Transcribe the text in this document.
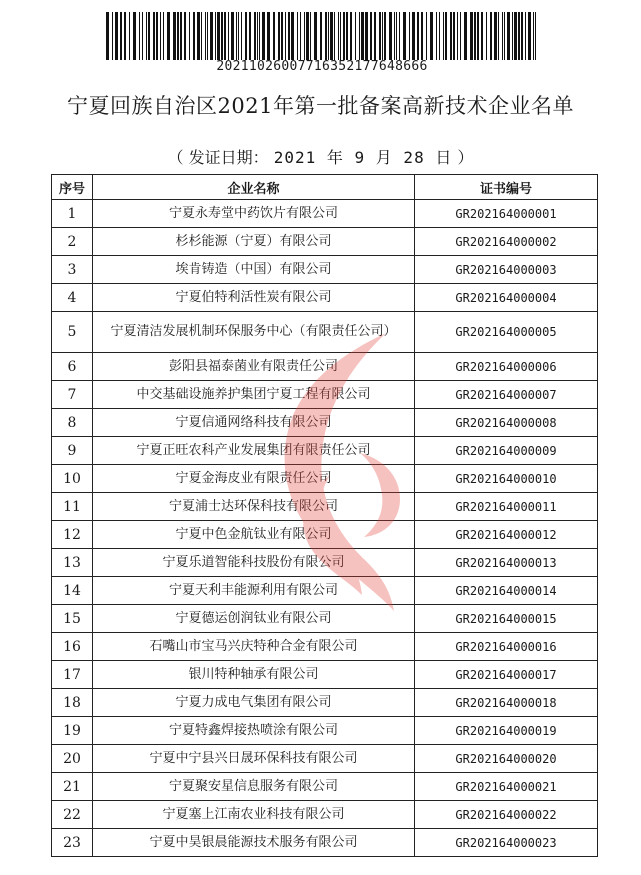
20211026007716352177648666
宁夏回族自治区2021年第一批备案高新技术企业名单
（ 发证日期： 2021 年 9 月 28 日 ）
序号	企业名称	证书编号
1	宁夏永寿堂中药饮片有限公司	GR202164000001
2	杉杉能源（宁夏）有限公司	GR202164000002
3	埃肯铸造（中国）有限公司	GR202164000003
4	宁夏伯特利活性炭有限公司	GR202164000004
5	宁夏清洁发展机制环保服务中心（有限责任公司）	GR202164000005
6	彭阳县福泰菌业有限责任公司	GR202164000006
7	中交基础设施养护集团宁夏工程有限公司	GR202164000007
8	宁夏信通网络科技有限公司	GR202164000008
9	宁夏正旺农科产业发展集团有限责任公司	GR202164000009
10	宁夏金海皮业有限责任公司	GR202164000010
11	宁夏浦士达环保科技有限公司	GR202164000011
12	宁夏中色金航钛业有限公司	GR202164000012
13	宁夏乐道智能科技股份有限公司	GR202164000013
14	宁夏天利丰能源利用有限公司	GR202164000014
15	宁夏德运创润钛业有限公司	GR202164000015
16	石嘴山市宝马兴庆特种合金有限公司	GR202164000016
17	银川特种轴承有限公司	GR202164000017
18	宁夏力成电气集团有限公司	GR202164000018
19	宁夏特鑫焊接热喷涂有限公司	GR202164000019
20	宁夏中宁县兴日晟环保科技有限公司	GR202164000020
21	宁夏聚安星信息服务有限公司	GR202164000021
22	宁夏塞上江南农业科技有限公司	GR202164000022
23	宁夏中昊银晨能源技术服务有限公司	GR202164000023
